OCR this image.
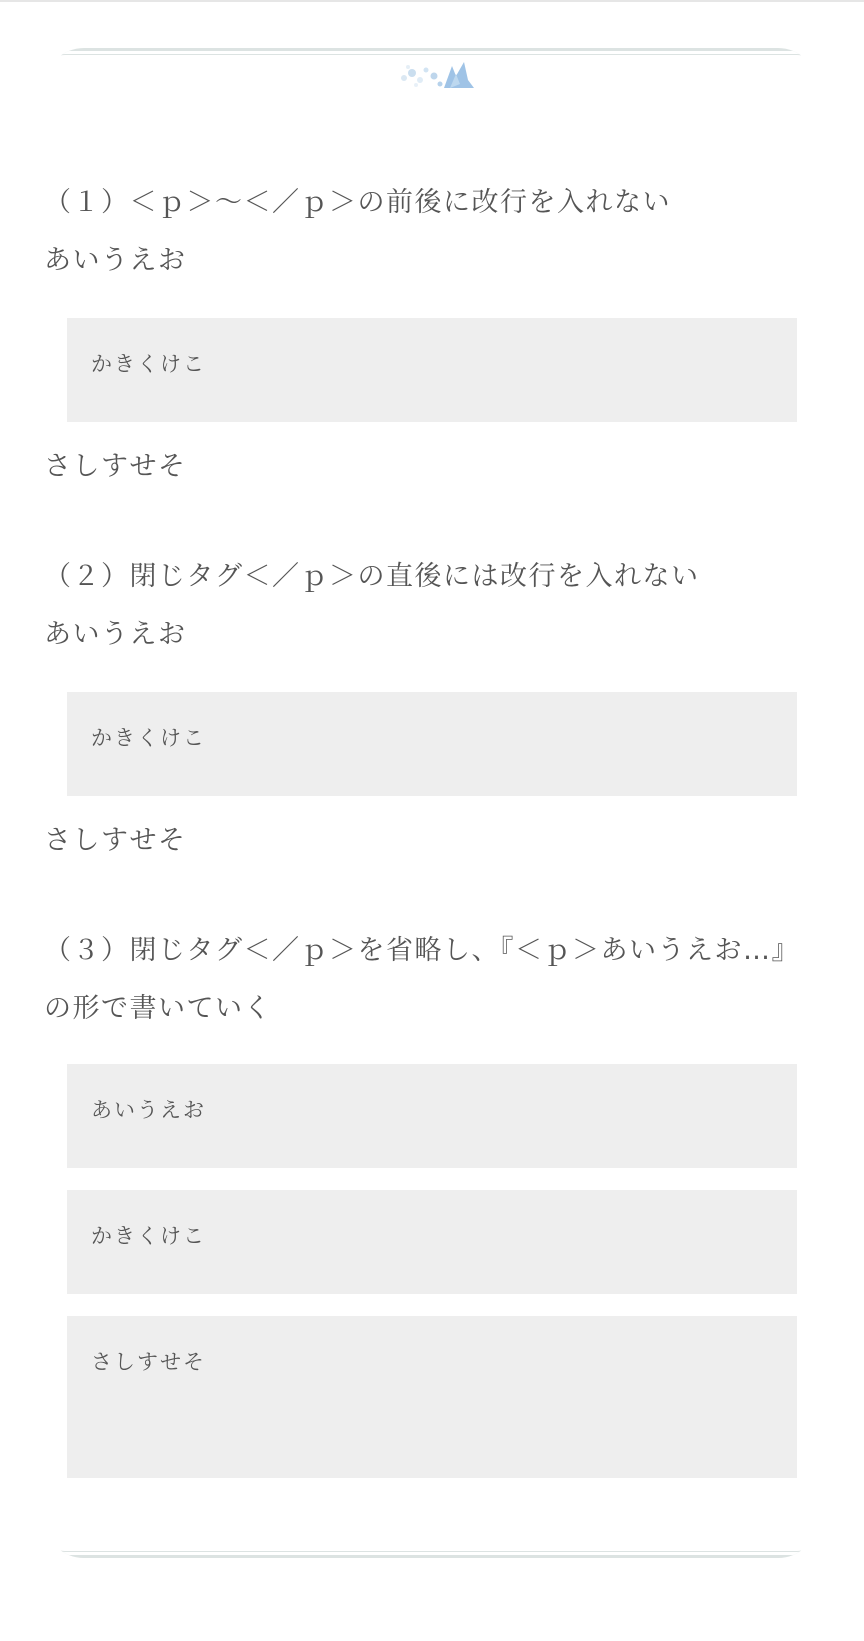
（１）＜ｐ＞～＜／ｐ＞の前後に改行を入れない

あいうえお

かきくけこ

さしすせそ

（２）閉じタグ＜／ｐ＞の直後には改行を入れない

あいうえお

かきくけこ

さしすせそ

（３）閉じタグ＜／ｐ＞を省略し、『＜ｐ＞あいうえお…』の形で書いていく

あいうえお
かきくけこ
さしすせそ
